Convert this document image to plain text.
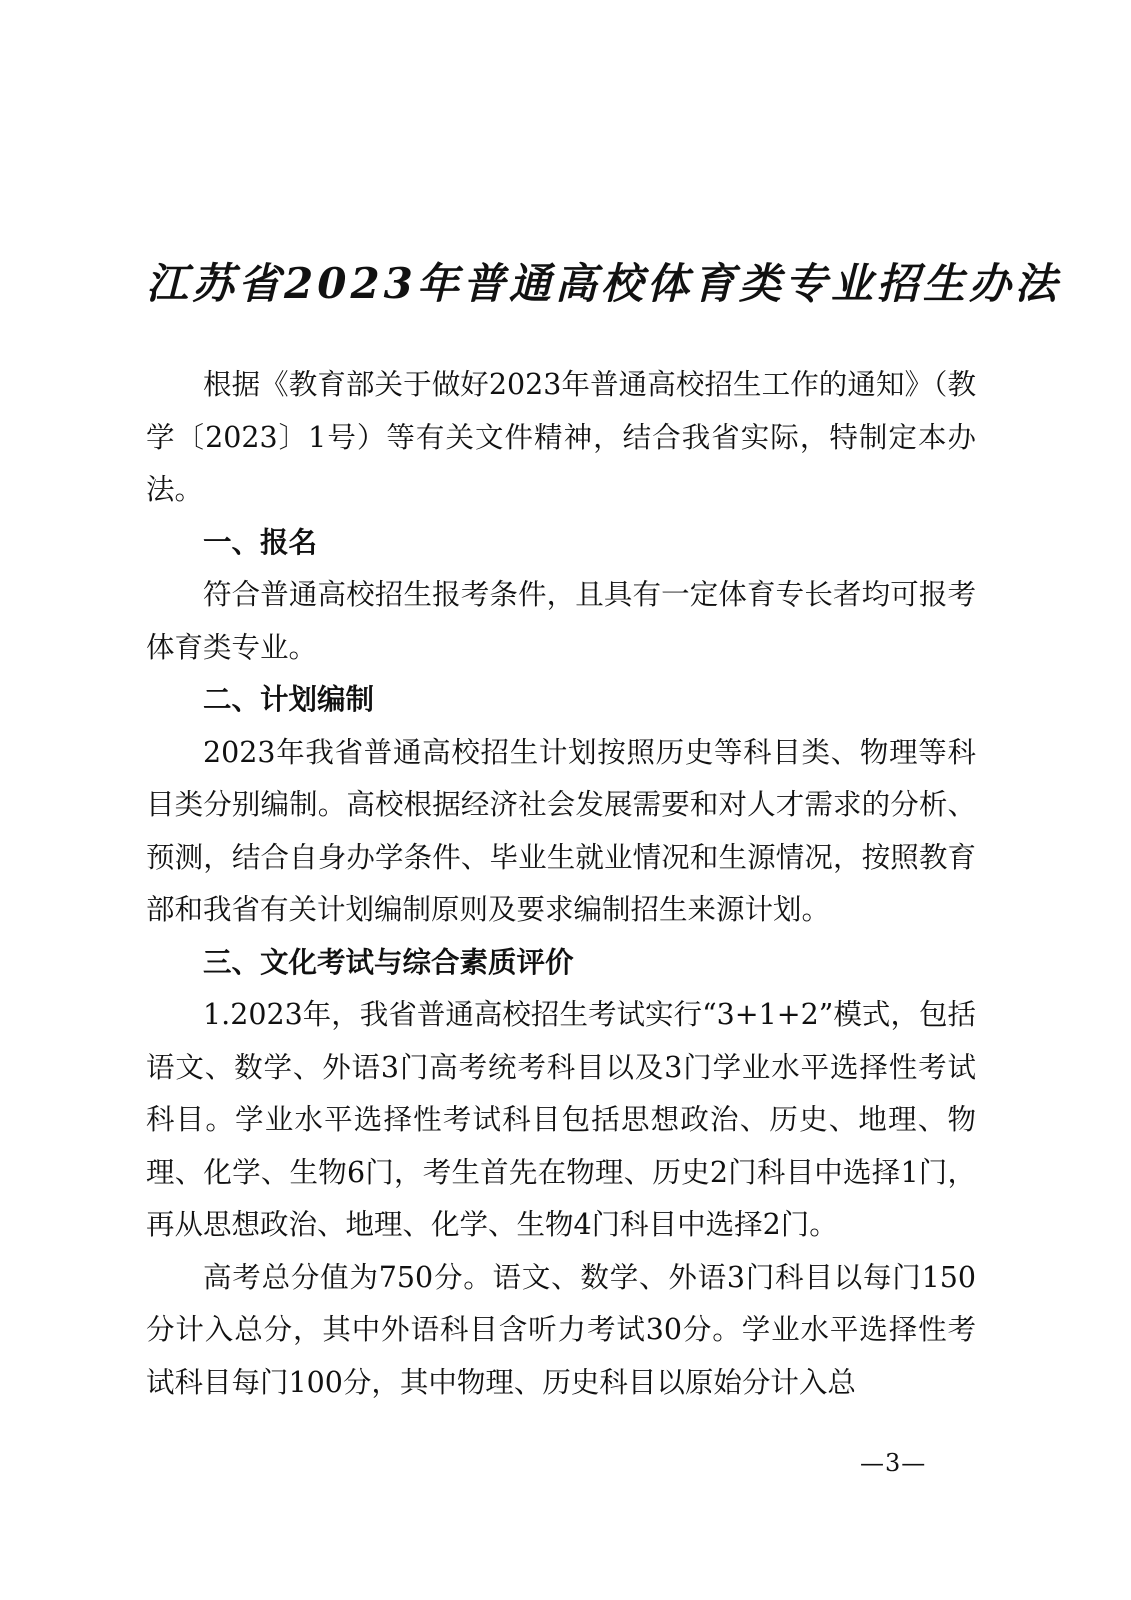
江苏省2023年普通高校体育类专业招生办法

根据《教育部关于做好2023年普通高校招生工作的通知》（教学〔2023〕1号）等有关文件精神，结合我省实际，特制定本办法。

一、报名

符合普通高校招生报考条件，且具有一定体育专长者均可报考体育类专业。

二、计划编制

2023年我省普通高校招生计划按照历史等科目类、物理等科目类分别编制。高校根据经济社会发展需要和对人才需求的分析、预测，结合自身办学条件、毕业生就业情况和生源情况，按照教育部和我省有关计划编制原则及要求编制招生来源计划。

三、文化考试与综合素质评价

1.2023年，我省普通高校招生考试实行“3+1+2”模式，包括语文、数学、外语3门高考统考科目以及3门学业水平选择性考试科目。学业水平选择性考试科目包括思想政治、历史、地理、物理、化学、生物6门，考生首先在物理、历史2门科目中选择1门，再从思想政治、地理、化学、生物4门科目中选择2门。

高考总分值为750分。语文、数学、外语3门科目以每门150分计入总分，其中外语科目含听力考试30分。学业水平选择性考试科目每门100分，其中物理、历史科目以原始分计入总

—3—
